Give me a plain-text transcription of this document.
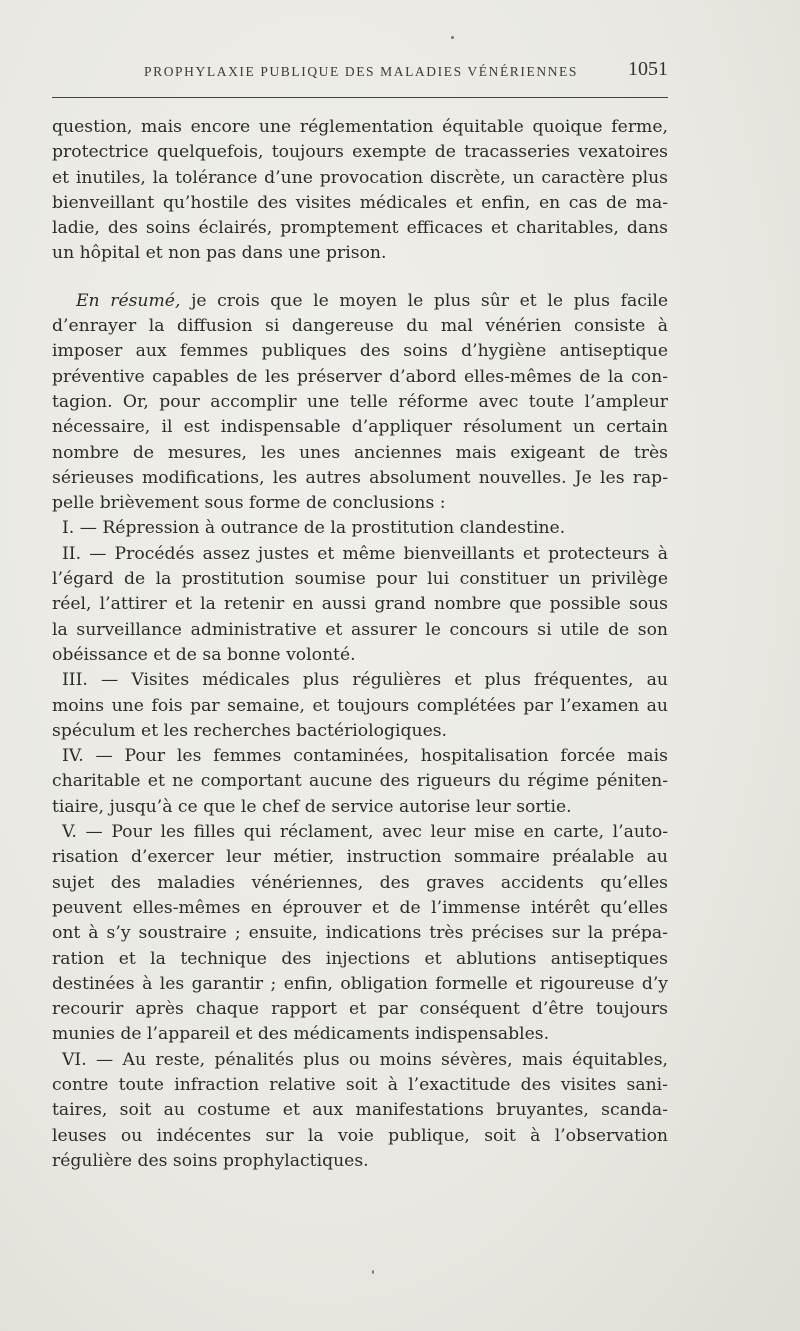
PROPHYLAXIE PUBLIQUE DES MALADIES VÉNÉRIENNES 1051
question, mais encore une réglementation équitable quoique ferme,
protectrice quelquefois, toujours exempte de tracasseries vexatoires
et inutiles, la tolérance d’une provocation discrète, un caractère plus
bienveillant qu’hostile des visites médicales et enfin, en cas de ma-
ladie, des soins éclairés, promptement efficaces et charitables, dans
un hôpital et non pas dans une prison.
En résumé, je crois que le moyen le plus sûr et le plus facile
d’enrayer la diffusion si dangereuse du mal vénérien consiste à
imposer aux femmes publiques des soins d’hygiène antiseptique
préventive capables de les préserver d’abord elles-mêmes de la con-
tagion. Or, pour accomplir une telle réforme avec toute l’ampleur
nécessaire, il est indispensable d’appliquer résolument un certain
nombre de mesures, les unes anciennes mais exigeant de très
sérieuses modifications, les autres absolument nouvelles. Je les rap-
pelle brièvement sous forme de conclusions :
I. — Répression à outrance de la prostitution clandestine.
II. — Procédés assez justes et même bienveillants et protecteurs à
l’égard de la prostitution soumise pour lui constituer un privilège
réel, l’attirer et la retenir en aussi grand nombre que possible sous
la surveillance administrative et assurer le concours si utile de son
obéissance et de sa bonne volonté.
III. — Visites médicales plus régulières et plus fréquentes, au
moins une fois par semaine, et toujours complétées par l’examen au
spéculum et les recherches bactériologiques.
IV. — Pour les femmes contaminées, hospitalisation forcée mais
charitable et ne comportant aucune des rigueurs du régime péniten-
tiaire, jusqu’à ce que le chef de service autorise leur sortie.
V. — Pour les filles qui réclament, avec leur mise en carte, l’auto-
risation d’exercer leur métier, instruction sommaire préalable au
sujet des maladies vénériennes, des graves accidents qu’elles
peuvent elles-mêmes en éprouver et de l’immense intérêt qu’elles
ont à s’y soustraire ; ensuite, indications très précises sur la prépa-
ration et la technique des injections et ablutions antiseptiques
destinées à les garantir ; enfin, obligation formelle et rigoureuse d’y
recourir après chaque rapport et par conséquent d’être toujours
munies de l’appareil et des médicaments indispensables.
VI. — Au reste, pénalités plus ou moins sévères, mais équitables,
contre toute infraction relative soit à l’exactitude des visites sani-
taires, soit au costume et aux manifestations bruyantes, scanda-
leuses ou indécentes sur la voie publique, soit à l’observation
régulière des soins prophylactiques.
